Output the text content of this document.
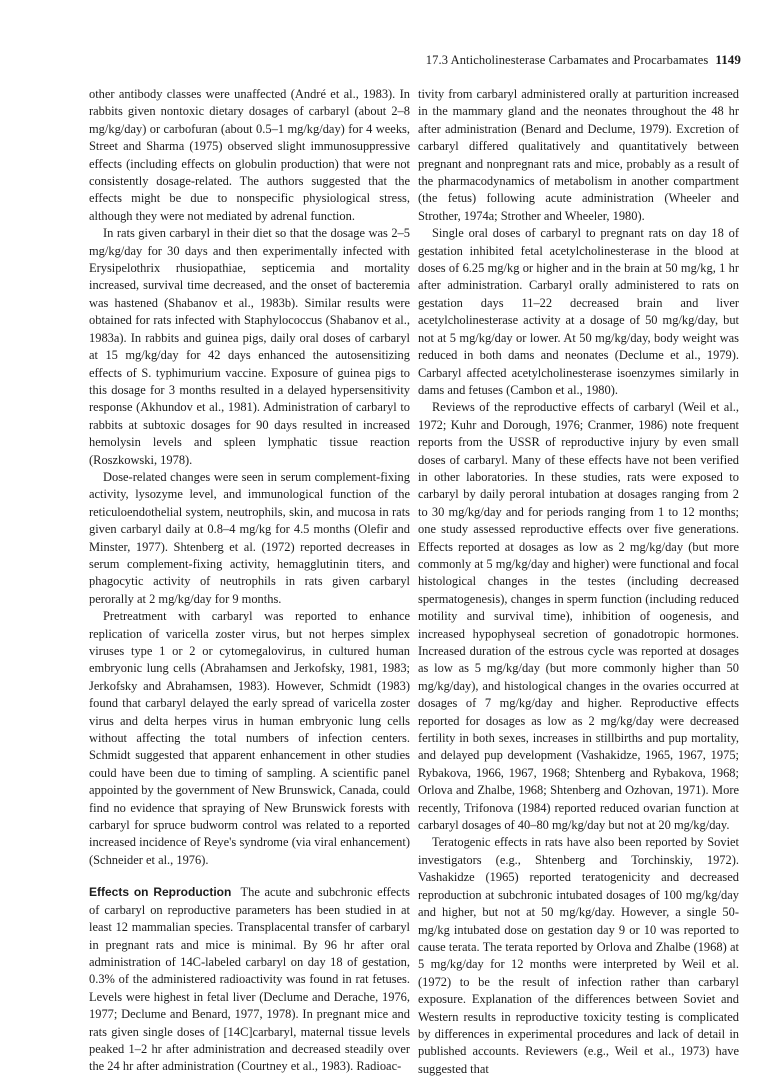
17.3 Anticholinesterase Carbamates and Procarbamates 1149

other antibody classes were unaffected (André et al., 1983). In rabbits given nontoxic dietary dosages of carbaryl (about 2–8 mg/kg/day) or carbofuran (about 0.5–1 mg/kg/day) for 4 weeks, Street and Sharma (1975) observed slight immunosuppressive effects (including effects on globulin production) that were not consistently dosage-related. The authors suggested that the effects might be due to nonspecific physiological stress, although they were not mediated by adrenal function.

In rats given carbaryl in their diet so that the dosage was 2–5 mg/kg/day for 30 days and then experimentally infected with Erysipelothrix rhusiopathiae, septicemia and mortality increased, survival time decreased, and the onset of bacteremia was hastened (Shabanov et al., 1983b). Similar results were obtained for rats infected with Staphylococcus (Shabanov et al., 1983a). In rabbits and guinea pigs, daily oral doses of carbaryl at 15 mg/kg/day for 42 days enhanced the autosensitizing effects of S. typhimurium vaccine. Exposure of guinea pigs to this dosage for 3 months resulted in a delayed hypersensitivity response (Akhundov et al., 1981). Administration of carbaryl to rabbits at subtoxic dosages for 90 days resulted in increased hemolysin levels and spleen lymphatic tissue reaction (Roszkowski, 1978).

Dose-related changes were seen in serum complement-fixing activity, lysozyme level, and immunological function of the reticuloendothelial system, neutrophils, skin, and mucosa in rats given carbaryl daily at 0.8–4 mg/kg for 4.5 months (Olefir and Minster, 1977). Shtenberg et al. (1972) reported decreases in serum complement-fixing activity, hemagglutinin titers, and phagocytic activity of neutrophils in rats given carbaryl perorally at 2 mg/kg/day for 9 months.

Pretreatment with carbaryl was reported to enhance replication of varicella zoster virus, but not herpes simplex viruses type 1 or 2 or cytomegalovirus, in cultured human embryonic lung cells (Abrahamsen and Jerkofsky, 1981, 1983; Jerkofsky and Abrahamsen, 1983). However, Schmidt (1983) found that carbaryl delayed the early spread of varicella zoster virus and delta herpes virus in human embryonic lung cells without affecting the total numbers of infection centers. Schmidt suggested that apparent enhancement in other studies could have been due to timing of sampling. A scientific panel appointed by the government of New Brunswick, Canada, could find no evidence that spraying of New Brunswick forests with carbaryl for spruce budworm control was related to a reported increased incidence of Reye's syndrome (via viral enhancement) (Schneider et al., 1976).

Effects on Reproduction The acute and subchronic effects of carbaryl on reproductive parameters has been studied in at least 12 mammalian species. Transplacental transfer of carbaryl in pregnant rats and mice is minimal. By 96 hr after oral administration of 14C-labeled carbaryl on day 18 of gestation, 0.3% of the administered radioactivity was found in rat fetuses. Levels were highest in fetal liver (Declume and Derache, 1976, 1977; Declume and Benard, 1977, 1978). In pregnant mice and rats given single doses of [14C]carbaryl, maternal tissue levels peaked 1–2 hr after administration and decreased steadily over the 24 hr after administration (Courtney et al., 1983). Radioac-

tivity from carbaryl administered orally at parturition increased in the mammary gland and the neonates throughout the 48 hr after administration (Benard and Declume, 1979). Excretion of carbaryl differed qualitatively and quantitatively between pregnant and nonpregnant rats and mice, probably as a result of the pharmacodynamics of metabolism in another compartment (the fetus) following acute administration (Wheeler and Strother, 1974a; Strother and Wheeler, 1980).

Single oral doses of carbaryl to pregnant rats on day 18 of gestation inhibited fetal acetylcholinesterase in the blood at doses of 6.25 mg/kg or higher and in the brain at 50 mg/kg, 1 hr after administration. Carbaryl orally administered to rats on gestation days 11–22 decreased brain and liver acetylcholinesterase activity at a dosage of 50 mg/kg/day, but not at 5 mg/kg/day or lower. At 50 mg/kg/day, body weight was reduced in both dams and neonates (Declume et al., 1979). Carbaryl affected acetylcholinesterase isoenzymes similarly in dams and fetuses (Cambon et al., 1980).

Reviews of the reproductive effects of carbaryl (Weil et al., 1972; Kuhr and Dorough, 1976; Cranmer, 1986) note frequent reports from the USSR of reproductive injury by even small doses of carbaryl. Many of these effects have not been verified in other laboratories. In these studies, rats were exposed to carbaryl by daily peroral intubation at dosages ranging from 2 to 30 mg/kg/day and for periods ranging from 1 to 12 months; one study assessed reproductive effects over five generations. Effects reported at dosages as low as 2 mg/kg/day (but more commonly at 5 mg/kg/day and higher) were functional and focal histological changes in the testes (including decreased spermatogenesis), changes in sperm function (including reduced motility and survival time), inhibition of oogenesis, and increased hypophyseal secretion of gonadotropic hormones. Increased duration of the estrous cycle was reported at dosages as low as 5 mg/kg/day (but more commonly higher than 50 mg/kg/day), and histological changes in the ovaries occurred at dosages of 7 mg/kg/day and higher. Reproductive effects reported for dosages as low as 2 mg/kg/day were decreased fertility in both sexes, increases in stillbirths and pup mortality, and delayed pup development (Vashakidze, 1965, 1967, 1975; Rybakova, 1966, 1967, 1968; Shtenberg and Rybakova, 1968; Orlova and Zhalbe, 1968; Shtenberg and Ozhovan, 1971). More recently, Trifonova (1984) reported reduced ovarian function at carbaryl dosages of 40–80 mg/kg/day but not at 20 mg/kg/day.

Teratogenic effects in rats have also been reported by Soviet investigators (e.g., Shtenberg and Torchinskiy, 1972). Vashakidze (1965) reported teratogenicity and decreased reproduction at subchronic intubated dosages of 100 mg/kg/day and higher, but not at 50 mg/kg/day. However, a single 50-mg/kg intubated dose on gestation day 9 or 10 was reported to cause terata. The terata reported by Orlova and Zhalbe (1968) at 5 mg/kg/day for 12 months were interpreted by Weil et al. (1972) to be the result of infection rather than carbaryl exposure. Explanation of the differences between Soviet and Western results in reproductive toxicity testing is complicated by differences in experimental procedures and lack of detail in published accounts. Reviewers (e.g., Weil et al., 1973) have suggested that
